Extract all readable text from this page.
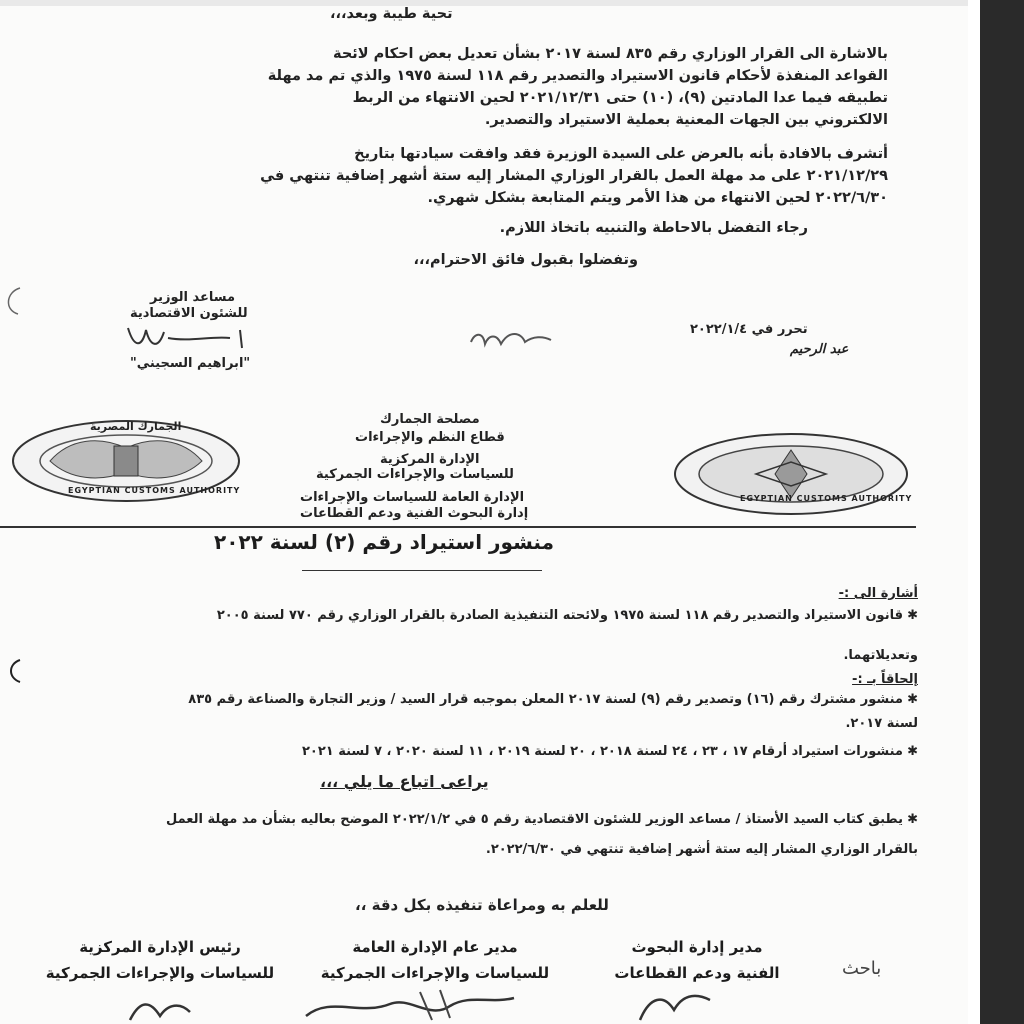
تحية طيبة وبعد،،،
بالاشارة الى القرار الوزاري رقم ٨٣٥ لسنة ٢٠١٧ بشأن تعديل بعض احكام لائحة
القواعد المنفذة لأحكام قانون الاستيراد والتصدير رقم ١١٨ لسنة ١٩٧٥ والذي تم مد مهلة
تطبيقه فيما عدا المادتين (٩)، (١٠) حتى ٢٠٢١/١٢/٣١ لحين الانتهاء من الربط
الالكتروني بين الجهات المعنية بعملية الاستيراد والتصدير.
أتشرف بالافادة بأنه بالعرض على السيدة الوزيرة فقد وافقت سيادتها بتاريخ
٢٠٢١/١٢/٢٩ على مد مهلة العمل بالقرار الوزاري المشار إليه ستة أشهر إضافية تنتهي في
٢٠٢٢/٦/٣٠ لحين الانتهاء من هذا الأمر ويتم المتابعة بشكل شهري.
رجاء التفضل بالاحاطة والتنبيه باتخاذ اللازم.
وتفضلوا بقبول فائق الاحترام،،،
مساعد الوزير
للشئون الاقتصادية
"ابراهيم السجيني"
تحرر في ٢٠٢٢/١/٤
عبد الرحيم
الجمارك المصرية
EGYPTIAN CUSTOMS AUTHORITY
EGYPTIAN CUSTOMS AUTHORITY
مصلحة الجمارك
قطاع النظم والإجراءات
الإدارة المركزية
للسياسات والإجراءات الجمركية
الإدارة العامة للسياسات والإجراءات
إدارة البحوث الفنية ودعم القطاعات
منشور استيراد رقم (٢) لسنة ٢٠٢٢
أشارة الى :-
✱ قانون الاستيراد والتصدير رقم ١١٨ لسنة ١٩٧٥ ولائحته التنفيذية الصادرة بالقرار الوزاري رقم ٧٧٠ لسنة ٢٠٠٥
وتعديلاتهما.
إلحاقاً بـ :-
✱ منشور مشترك رقم (١٦) وتصدير رقم (٩) لسنة ٢٠١٧ المعلن بموجبه قرار السيد / وزير التجارة والصناعة رقم ٨٣٥
لسنة ٢٠١٧.
✱ منشورات استيراد أرقام ١٧ ، ٢٣ ، ٢٤ لسنة ٢٠١٨ ، ٢٠ لسنة ٢٠١٩ ، ١١ لسنة ٢٠٢٠ ، ٧ لسنة ٢٠٢١
يراعى اتباع ما يلي ،،،
✱ يطبق كتاب السيد الأستاذ / مساعد الوزير للشئون الاقتصادية رقم ٥ في ٢٠٢٢/١/٢ الموضح بعاليه بشأن مد مهلة العمل
بالقرار الوزاري المشار إليه ستة أشهر إضافية تنتهي في ٢٠٢٢/٦/٣٠.
للعلم به ومراعاة تنفيذه بكل دقة ،،
رئيس الإدارة المركزية
للسياسات والإجراءات الجمركية
مدير عام الإدارة العامة
للسياسات والإجراءات الجمركية
مدير إدارة البحوث
الفنية ودعم القطاعات	باحث
